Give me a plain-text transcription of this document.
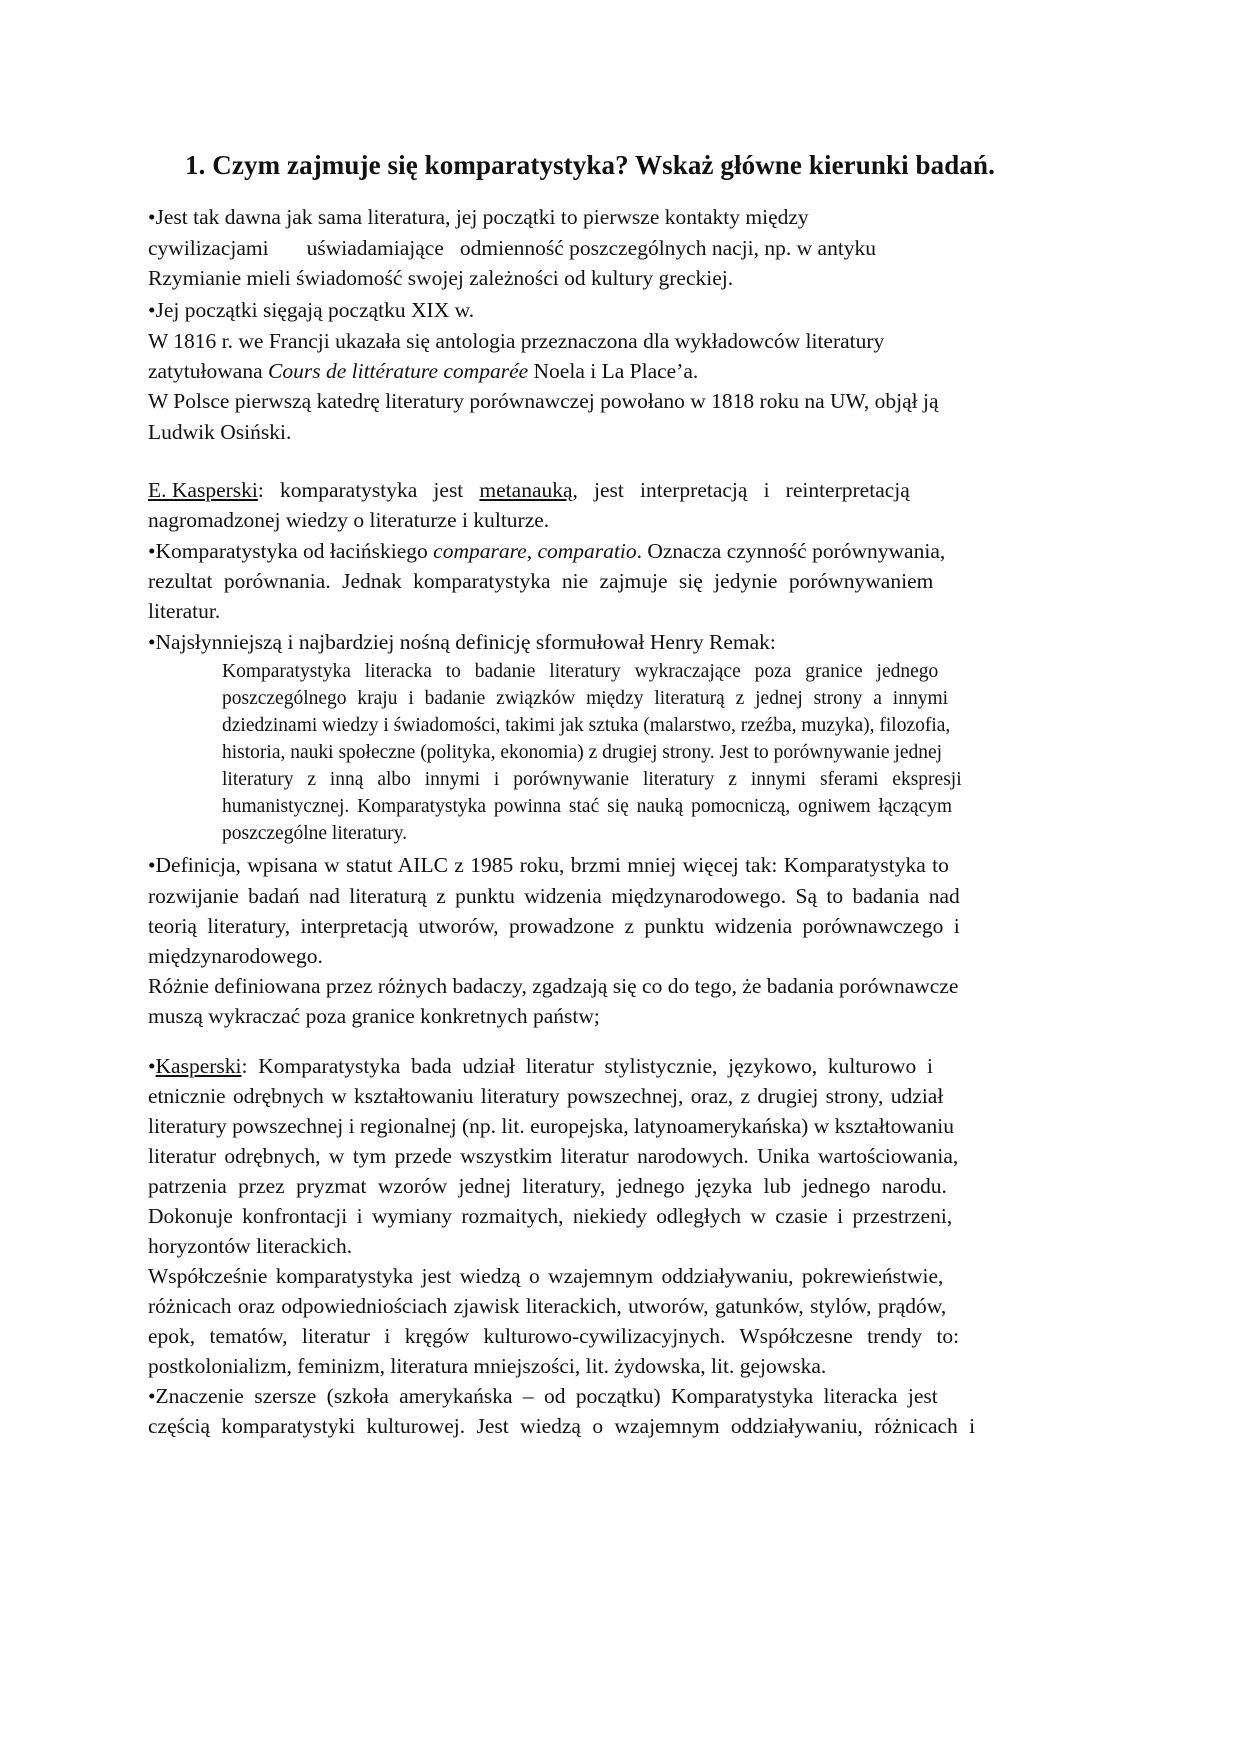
1. Czym zajmuje się komparatystyka? Wskaż główne kierunki badań.
•Jest tak dawna jak sama literatura, jej początki to pierwsze kontakty między
cywilizacjami uświadamiające odmienność poszczególnych nacji, np. w antyku
Rzymianie mieli świadomość swojej zależności od kultury greckiej.
•Jej początki sięgają początku XIX w.
W 1816 r. we Francji ukazała się antologia przeznaczona dla wykładowców literatury
zatytułowana Cours de littérature comparée Noela i La Place’a.
W Polsce pierwszą katedrę literatury porównawczej powołano w 1818 roku na UW, objął ją
Ludwik Osiński.
E. Kasperski:   komparatystyka   jest   metanauką,   jest   interpretacją   i   reinterpretacją
nagromadzonej wiedzy o literaturze i kulturze.
•Komparatystyka od łacińskiego comparare, comparatio. Oznacza czynność porównywania,
rezultat porównania. Jednak komparatystyka nie zajmuje się jedynie porównywaniem
literatur.
•Najsłynniejszą i najbardziej nośną definicję sformułował Henry Remak:
Komparatystyka literacka to badanie literatury wykraczające poza granice jednego
poszczególnego kraju i badanie związków między literaturą z jednej strony a innymi
dziedzinami wiedzy i świadomości, takimi jak sztuka (malarstwo, rzeźba, muzyka), filozofia,
historia, nauki społeczne (polityka, ekonomia) z drugiej strony. Jest to porównywanie jednej
literatury z inną albo innymi i porównywanie literatury z innymi sferami ekspresji
humanistycznej. Komparatystyka powinna stać się nauką pomocniczą, ogniwem łączącym
poszczególne literatury.
•Definicja, wpisana w statut AILC z 1985 roku, brzmi mniej więcej tak: Komparatystyka to
rozwijanie badań nad literaturą z punktu widzenia międzynarodowego. Są to badania nad
teorią literatury, interpretacją utworów, prowadzone z punktu widzenia porównawczego i
międzynarodowego.
Różnie definiowana przez różnych badaczy, zgadzają się co do tego, że badania porównawcze
muszą wykraczać poza granice konkretnych państw;
•Kasperski:  Komparatystyka  bada  udział  literatur  stylistycznie,  językowo,  kulturowo  i
etnicznie odrębnych w kształtowaniu literatury powszechnej, oraz, z drugiej strony, udział
literatury powszechnej i regionalnej (np. lit. europejska, latynoamerykańska) w kształtowaniu
literatur odrębnych, w tym przede wszystkim literatur narodowych. Unika wartościowania,
patrzenia przez pryzmat wzorów jednej literatury, jednego języka lub jednego narodu.
Dokonuje konfrontacji i wymiany rozmaitych, niekiedy odległych w czasie i przestrzeni,
horyzontów literackich.
Współcześnie komparatystyka jest wiedzą o wzajemnym oddziaływaniu, pokrewieństwie,
różnicach oraz odpowiedniościach zjawisk literackich, utworów, gatunków, stylów, prądów,
epok, tematów, literatur i kręgów kulturowo-cywilizacyjnych. Współczesne trendy to:
postkolonializm, feminizm, literatura mniejszości, lit. żydowska, lit. gejowska.
•Znaczenie szersze (szkoła amerykańska – od początku) Komparatystyka literacka jest
częścią komparatystyki kulturowej. Jest wiedzą o wzajemnym oddziaływaniu, różnicach i
